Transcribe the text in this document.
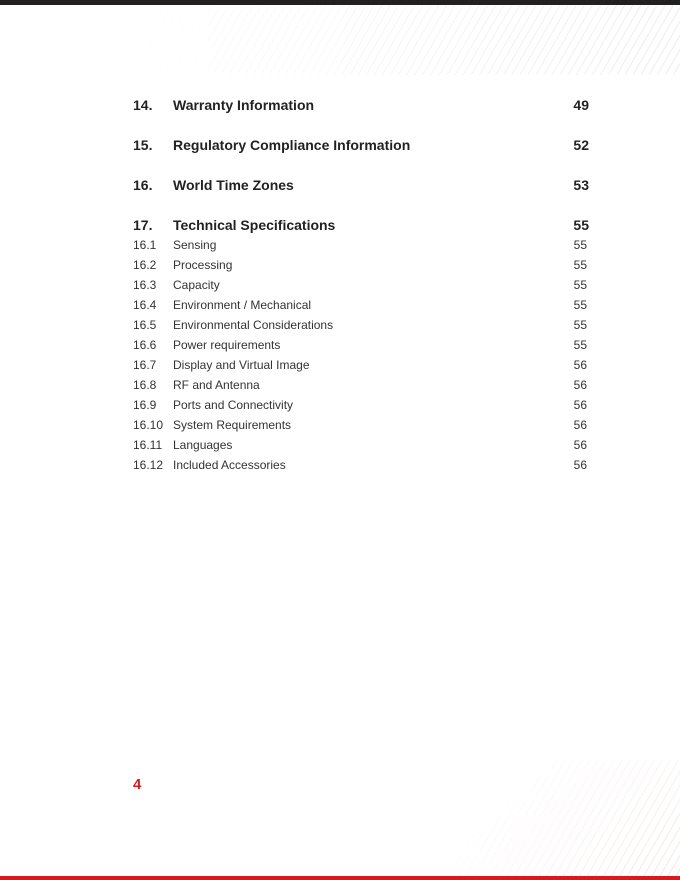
14. Warranty Information	49
15. Regulatory Compliance Information	52
16. World Time Zones	53
17. Technical Specifications	55
16.1 Sensing	55
16.2 Processing	55
16.3 Capacity	55
16.4 Environment / Mechanical	55
16.5 Environmental Considerations	55
16.6 Power requirements	55
16.7 Display and Virtual Image	56
16.8 RF and Antenna	56
16.9 Ports and Connectivity	56
16.10 System Requirements	56
16.11 Languages	56
16.12 Included Accessories	56
4
